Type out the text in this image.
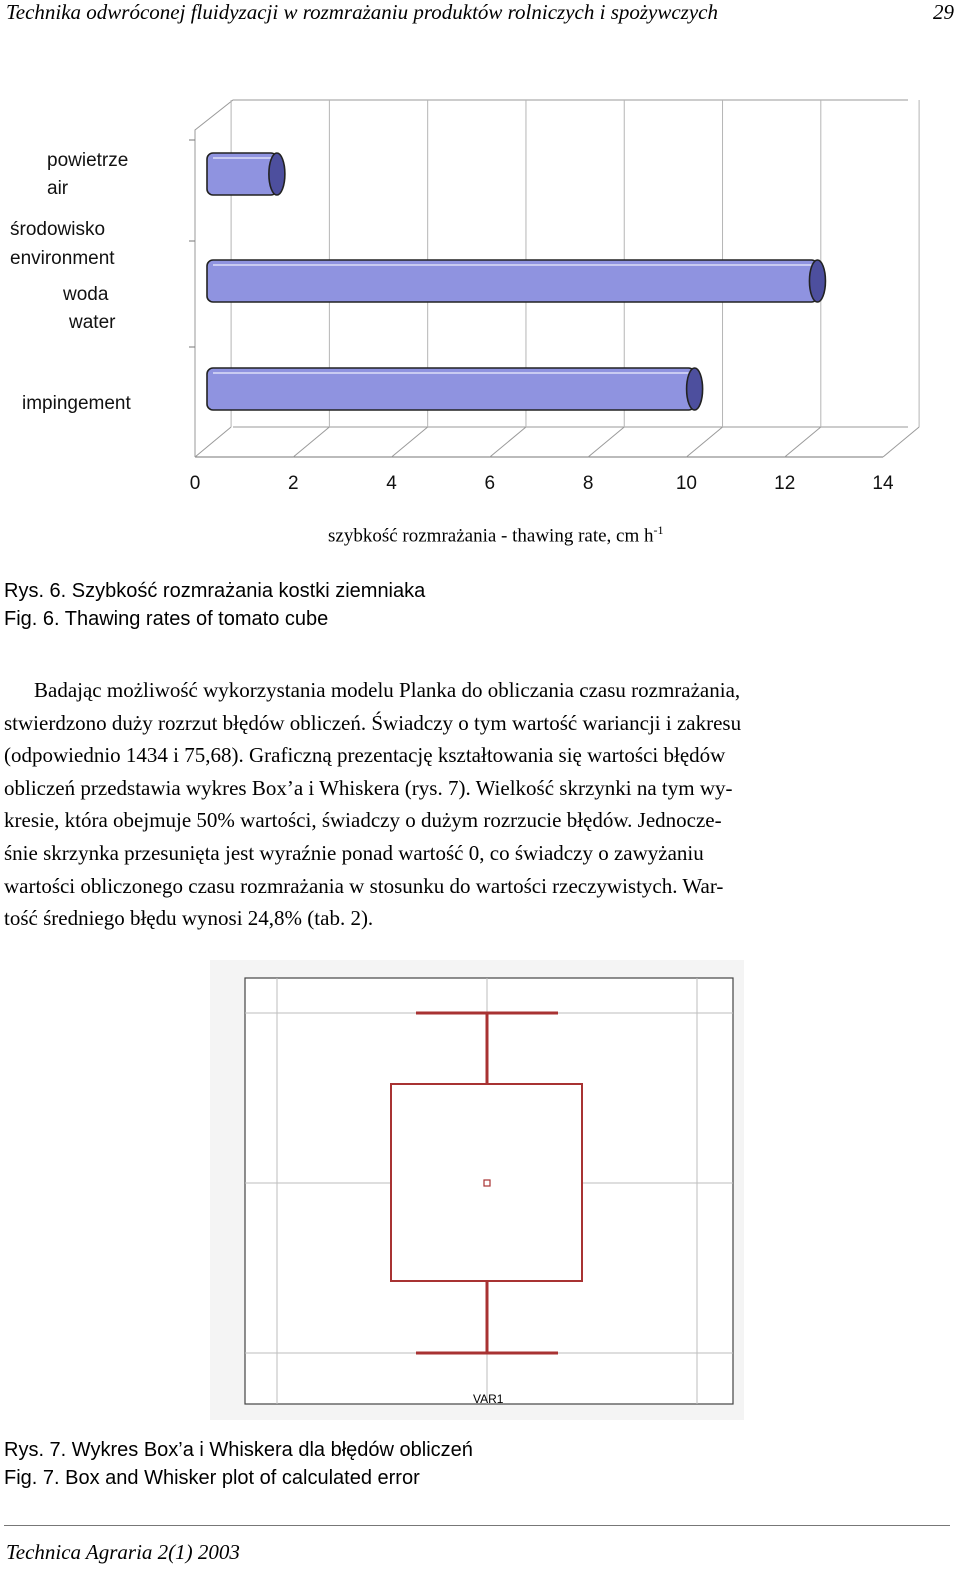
Technika odwróconej fluidyzacji w rozmrażaniu produktów rolniczych i spożywczych	29
powietrze
air
środowisko
environment
woda
water
impingement
0	2	4	6	8	10	12	14
szybkość rozmrażania - thawing rate, cm $h^{-1}$
Rys. 6. Szybkość rozmrażania kostki ziemniaka
Fig. 6. Thawing rates of tomato cube
Badając możliwość wykorzystania modelu Planka do obliczania czasu rozmrażania,
stwierdzono duży rozrzut błędów obliczeń. Świadczy o tym wartość wariancji i zakresu
(odpowiednio 1434 i 75,68). Graficzną prezentację kształtowania się wartości błędów
obliczeń przedstawia wykres Box’a i Whiskera (rys. 7). Wielkość skrzynki na tym wy-
kresie, która obejmuje 50% wartości, świadczy o dużym rozrzucie błędów. Jednocze-
śnie skrzynka przesunięta jest wyraźnie ponad wartość 0, co świadczy o zawyżaniu
wartości obliczonego czasu rozmrażania w stosunku do wartości rzeczywistych. War-
tość średniego błędu wynosi 24,8% (tab. 2).
VAR1
Rys. 7. Wykres Box’a i Whiskera dla błędów obliczeń
Fig. 7. Box and Whisker plot of calculated error
Technica Agraria 2(1) 2003
